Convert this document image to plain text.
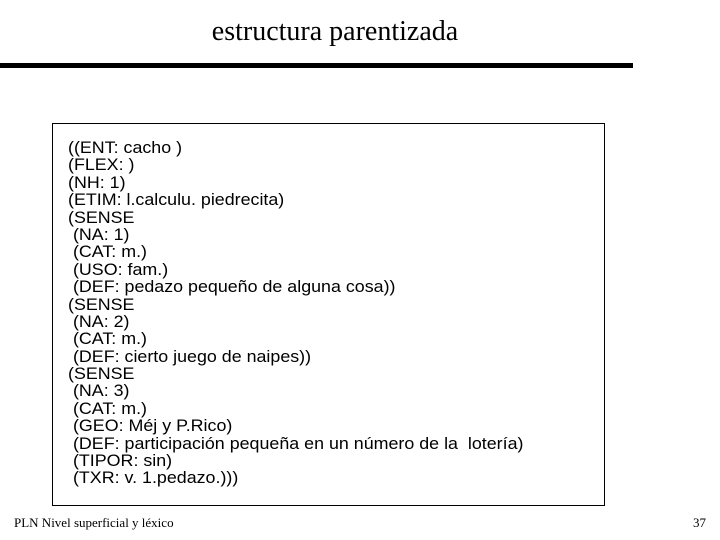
estructura parentizada
((ENT: cacho )
(FLEX: )
(NH: 1)
(ETIM: l.calculu. piedrecita)
(SENSE
(NA: 1)
(CAT: m.)
(USO: fam.)
(DEF: pedazo pequeño de alguna cosa))
(SENSE
(NA: 2)
(CAT: m.)
(DEF: cierto juego de naipes))
(SENSE
(NA: 3)
(CAT: m.)
(GEO: Méj y P.Rico)
(DEF: participación pequeña en un número de la  lotería)
(TIPOR: sin)
(TXR: v. 1.pedazo.)))
PLN Nivel superficial y léxico	37
